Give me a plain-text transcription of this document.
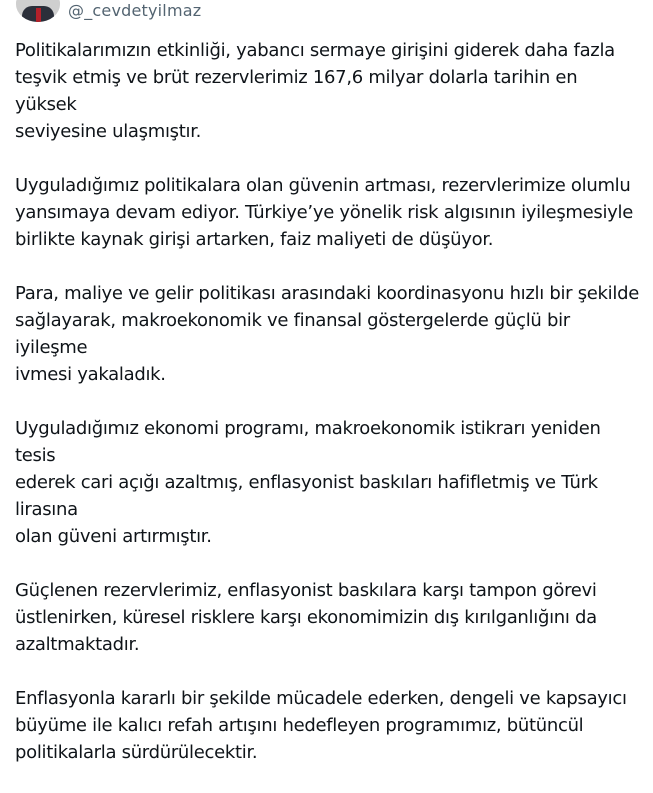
@_cevdetyilmaz

Politikalarımızın etkinliği, yabancı sermaye girişini giderek daha fazla
teşvik etmiş ve brüt rezervlerimiz 167,6 milyar dolarla tarihin en yüksek
seviyesine ulaşmıştır.

Uyguladığımız politikalara olan güvenin artması, rezervlerimize olumlu
yansımaya devam ediyor. Türkiye’ye yönelik risk algısının iyileşmesiyle
birlikte kaynak girişi artarken, faiz maliyeti de düşüyor.

Para, maliye ve gelir politikası arasındaki koordinasyonu hızlı bir şekilde
sağlayarak, makroekonomik ve finansal göstergelerde güçlü bir iyileşme
ivmesi yakaladık.

Uyguladığımız ekonomi programı, makroekonomik istikrarı yeniden tesis
ederek cari açığı azaltmış, enflasyonist baskıları hafifletmiş ve Türk lirasına
olan güveni artırmıştır.

Güçlenen rezervlerimiz, enflasyonist baskılara karşı tampon görevi
üstlenirken, küresel risklere karşı ekonomimizin dış kırılganlığını da
azaltmaktadır.

Enflasyonla kararlı bir şekilde mücadele ederken, dengeli ve kapsayıcı
büyüme ile kalıcı refah artışını hedefleyen programımız, bütüncül
politikalarla sürdürülecektir.
